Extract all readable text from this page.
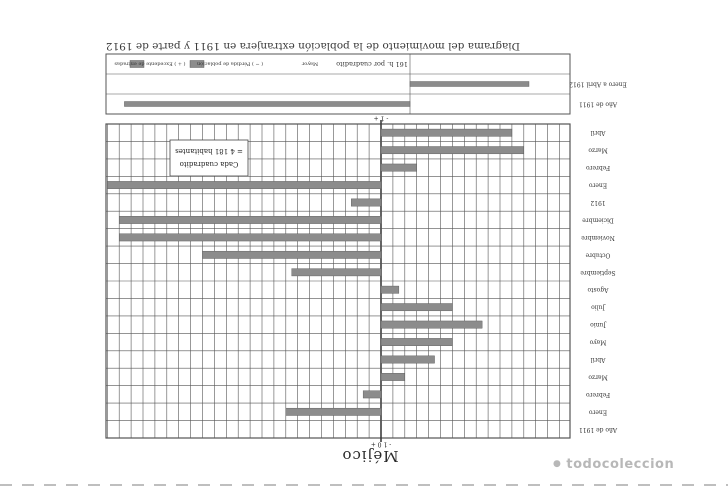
Año de 1911
Enero
Febrero
Marzo
Abril
Mayo
Junio
Julio
Agosto
Septiembre
Octubre
Noviembre
Diciembre
1912
Enero
Febrero
Marzo
Abril
Año de 1911
Enero a Abril 1912
( + ) Excedente de entradas ( − ) Pérdida de población	Mayor	161 h. por cuadradito
- 1 +
- 1 0 +
Cada cuadradito
= 4 181 habitantes
Diagrama del movimiento de la población extranjera en 1911 y parte de 1912
Méjico	● todocoleccion
